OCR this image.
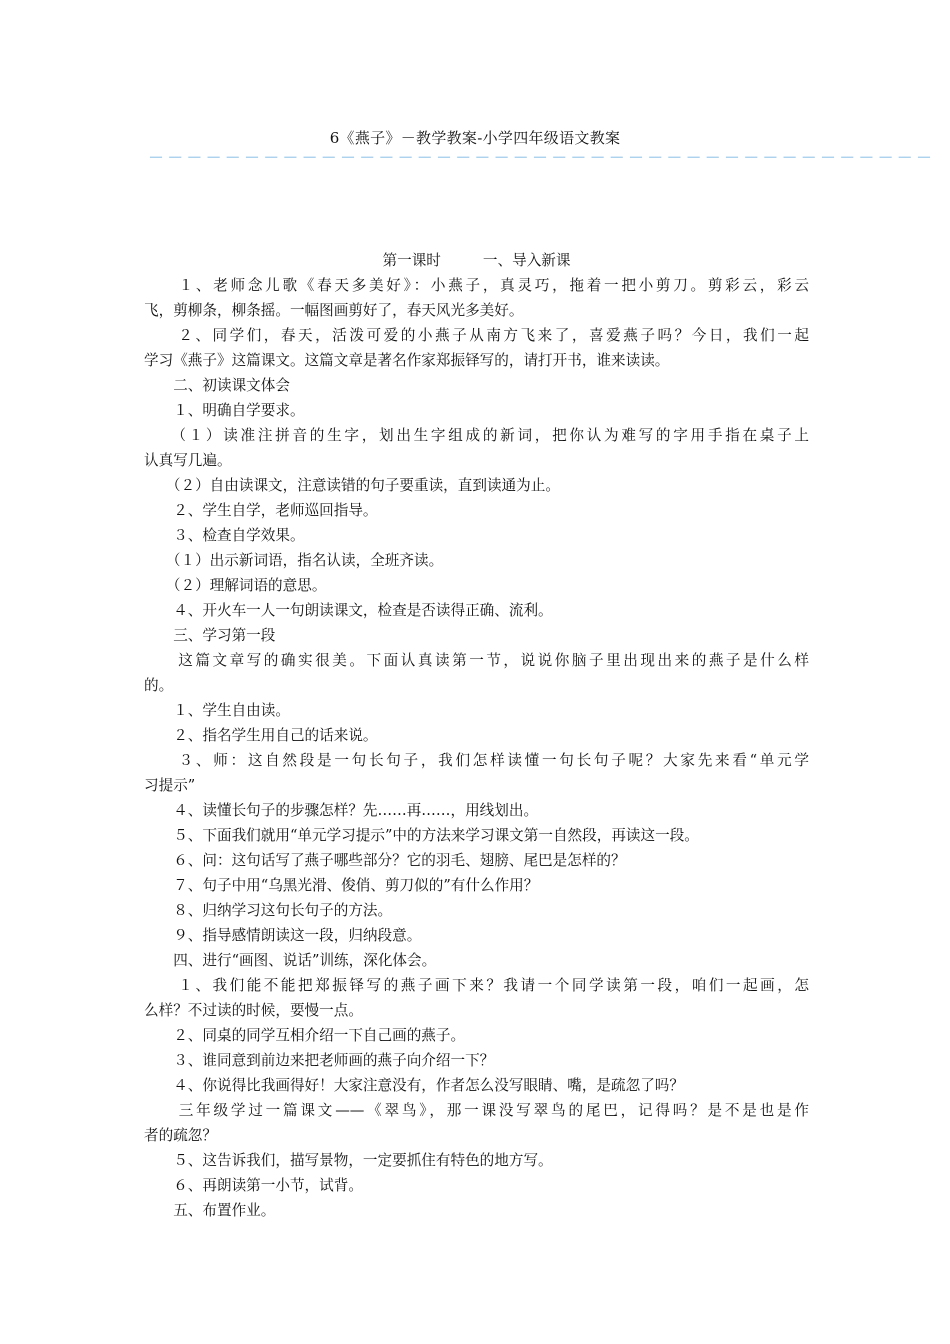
6《燕子》－教学教案-小学四年级语文教案
－－－－－－－－－－－－－－－－－－－－－－－－－－－－－－－－－－－－－－－－－
第一课时	一、导入新课
　　１、老师念儿歌《春天多美好》：小燕子，真灵巧，拖着一把小剪刀。剪彩云，彩云
飞，剪柳条，柳条摇。一幅图画剪好了，春天风光多美好。
　　２、同学们，春天，活泼可爱的小燕子从南方飞来了，喜爱燕子吗？今日，我们一起
学习《燕子》这篇课文。这篇文章是著名作家郑振铎写的，请打开书，谁来读读。
　　二、初读课文体会
　　１、明确自学要求。
　　（１）读准注拼音的生字，划出生字组成的新词，把你认为难写的字用手指在桌子上
认真写几遍。
　　（２）自由读课文，注意读错的句子要重读，直到读通为止。
　　２、学生自学，老师巡回指导。
　　３、检查自学效果。
　　（１）出示新词语，指名认读，全班齐读。
　　（２）理解词语的意思。
　　４、开火车一人一句朗读课文，检查是否读得正确、流利。
　　三、学习第一段
　　这篇文章写的确实很美。下面认真读第一节，说说你脑子里出现出来的燕子是什么样
的。
　　１、学生自由读。
　　２、指名学生用自己的话来说。
　　３、师：这自然段是一句长句子，我们怎样读懂一句长句子呢？大家先来看“单元学
习提示”
　　４、读懂长句子的步骤怎样？先……再……，用线划出。
　　５、下面我们就用“单元学习提示”中的方法来学习课文第一自然段，再读这一段。
　　６、问：这句话写了燕子哪些部分？它的羽毛、翅膀、尾巴是怎样的？
　　７、句子中用“乌黑光滑、俊俏、剪刀似的”有什么作用？
　　８、归纳学习这句长句子的方法。
　　９、指导感情朗读这一段，归纳段意。
　　四、进行“画图、说话”训练，深化体会。
　　１、我们能不能把郑振铎写的燕子画下来？我请一个同学读第一段，咱们一起画，怎
么样？不过读的时候，要慢一点。
　　２、同桌的同学互相介绍一下自己画的燕子。
　　３、谁同意到前边来把老师画的燕子向介绍一下？
　　４、你说得比我画得好！大家注意没有，作者怎么没写眼睛、嘴，是疏忽了吗？
　　三年级学过一篇课文——《翠鸟》，那一课没写翠鸟的尾巴，记得吗？是不是也是作
者的疏忽？
　　５、这告诉我们，描写景物，一定要抓住有特色的地方写。
　　６、再朗读第一小节，试背。
　　五、布置作业。
